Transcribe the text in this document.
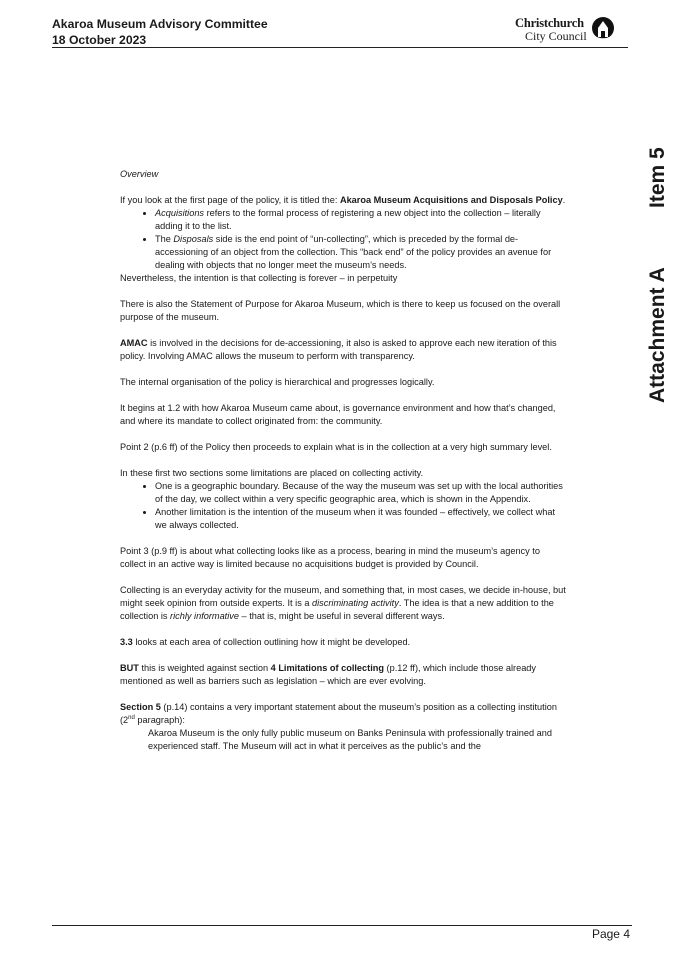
Akaroa Museum Advisory Committee
18 October 2023
Christchurch
City Council
Item 5
Attachment A

Overview

If you look at the first page of the policy, it is titled the: Akaroa Museum Acquisitions and Disposals Policy.

• Acquisitions refers to the formal process of registering a new object into the collection – literally adding it to the list.
• The Disposals side is the end point of “un-collecting”, which is preceded by the formal de-accessioning of an object from the collection. This “back end” of the policy provides an avenue for dealing with objects that no longer meet the museum’s needs.

Nevertheless, the intention is that collecting is forever – in perpetuity

There is also the Statement of Purpose for Akaroa Museum, which is there to keep us focused on the overall purpose of the museum.

AMAC is involved in the decisions for de-accessioning, it also is asked to approve each new iteration of this policy. Involving AMAC allows the museum to perform with transparency.

The internal organisation of the policy is hierarchical and progresses logically.

It begins at 1.2 with how Akaroa Museum came about, is governance environment and how that’s changed, and where its mandate to collect originated from: the community.

Point 2 (p.6 ff) of the Policy then proceeds to explain what is in the collection at a very high summary level.

In these first two sections some limitations are placed on collecting activity.

• One is a geographic boundary. Because of the way the museum was set up with the local authorities of the day, we collect within a very specific geographic area, which is shown in the Appendix.
• Another limitation is the intention of the museum when it was founded – effectively, we collect what we always collected.

Point 3 (p.9 ff) is about what collecting looks like as a process, bearing in mind the museum’s agency to collect in an active way is limited because no acquisitions budget is provided by Council.

Collecting is an everyday activity for the museum, and something that, in most cases, we decide in-house, but might seek opinion from outside experts. It is a discriminating activity. The idea is that a new addition to the collection is richly informative – that is, might be useful in several different ways.

3.3 looks at each area of collection outlining how it might be developed.

BUT this is weighted against section 4 Limitations of collecting (p.12 ff), which include those already mentioned as well as barriers such as legislation – which are ever evolving.

Section 5 (p.14) contains a very important statement about the museum’s position as a collecting institution (2nd paragraph):

Akaroa Museum is the only fully public museum on Banks Peninsula with professionally trained and experienced staff. The Museum will act in what it perceives as the public’s and the

Page 4
